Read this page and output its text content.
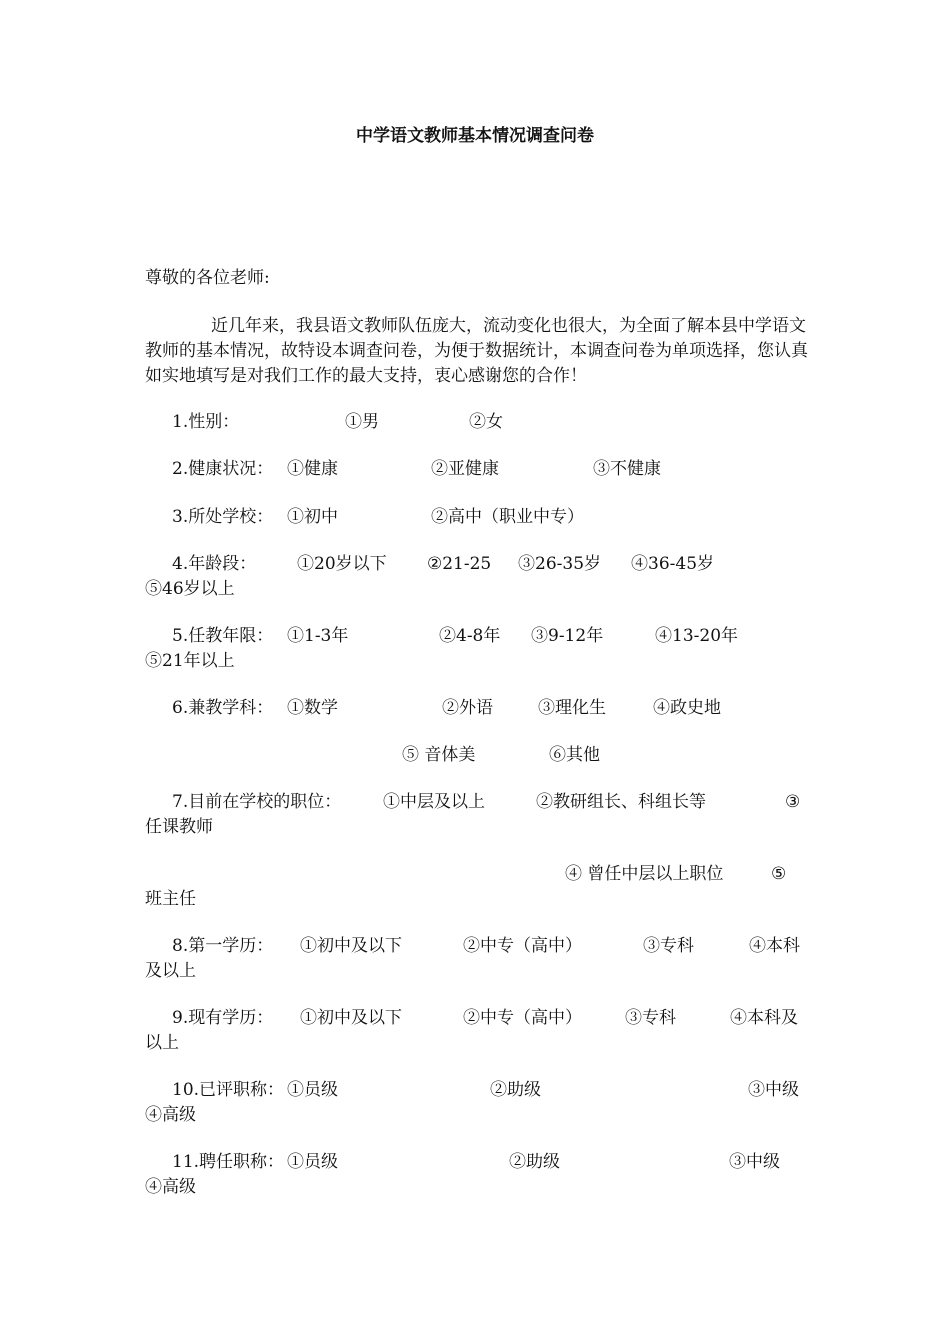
中学语文教师基本情况调查问卷
尊敬的各位老师:
近几年来，我县语文教师队伍庞大，流动变化也很大，为全面了解本县中学语文教师的基本情况，故特设本调查问卷，为便于数据统计，本调查问卷为单项选择，您认真如实地填写是对我们工作的最大支持，衷心感谢您的合作！
1.性别：	①男	②女
2.健康状况： ①健康	②亚健康	③不健康
3.所处学校： ①初中	②高中（职业中专）
4.年龄段： ①20岁以下 ②21-25 ③26-35岁 ④36-45岁
⑤46岁以上
5.任教年限： ①1-3年	②4-8年 ③9-12年	④13-20年
⑤21年以上
6.兼教学科： ①数学	②外语	③理化生	④政史地
⑤ 音体美	⑥其他
7.目前在学校的职位： ①中层及以上	②教研组长、科组长等	③
任课教师
④ 曾任中层以上职位	⑤
班主任
8.第一学历： ①初中及以下	②中专（高中）	③专科	④本科
及以上
9.现有学历： ①初中及以下	②中专（高中）	③专科	④本科及
以上
10.已评职称： ①员级	②助级	③中级
④高级
11.聘任职称： ①员级	②助级	③中级
④高级
